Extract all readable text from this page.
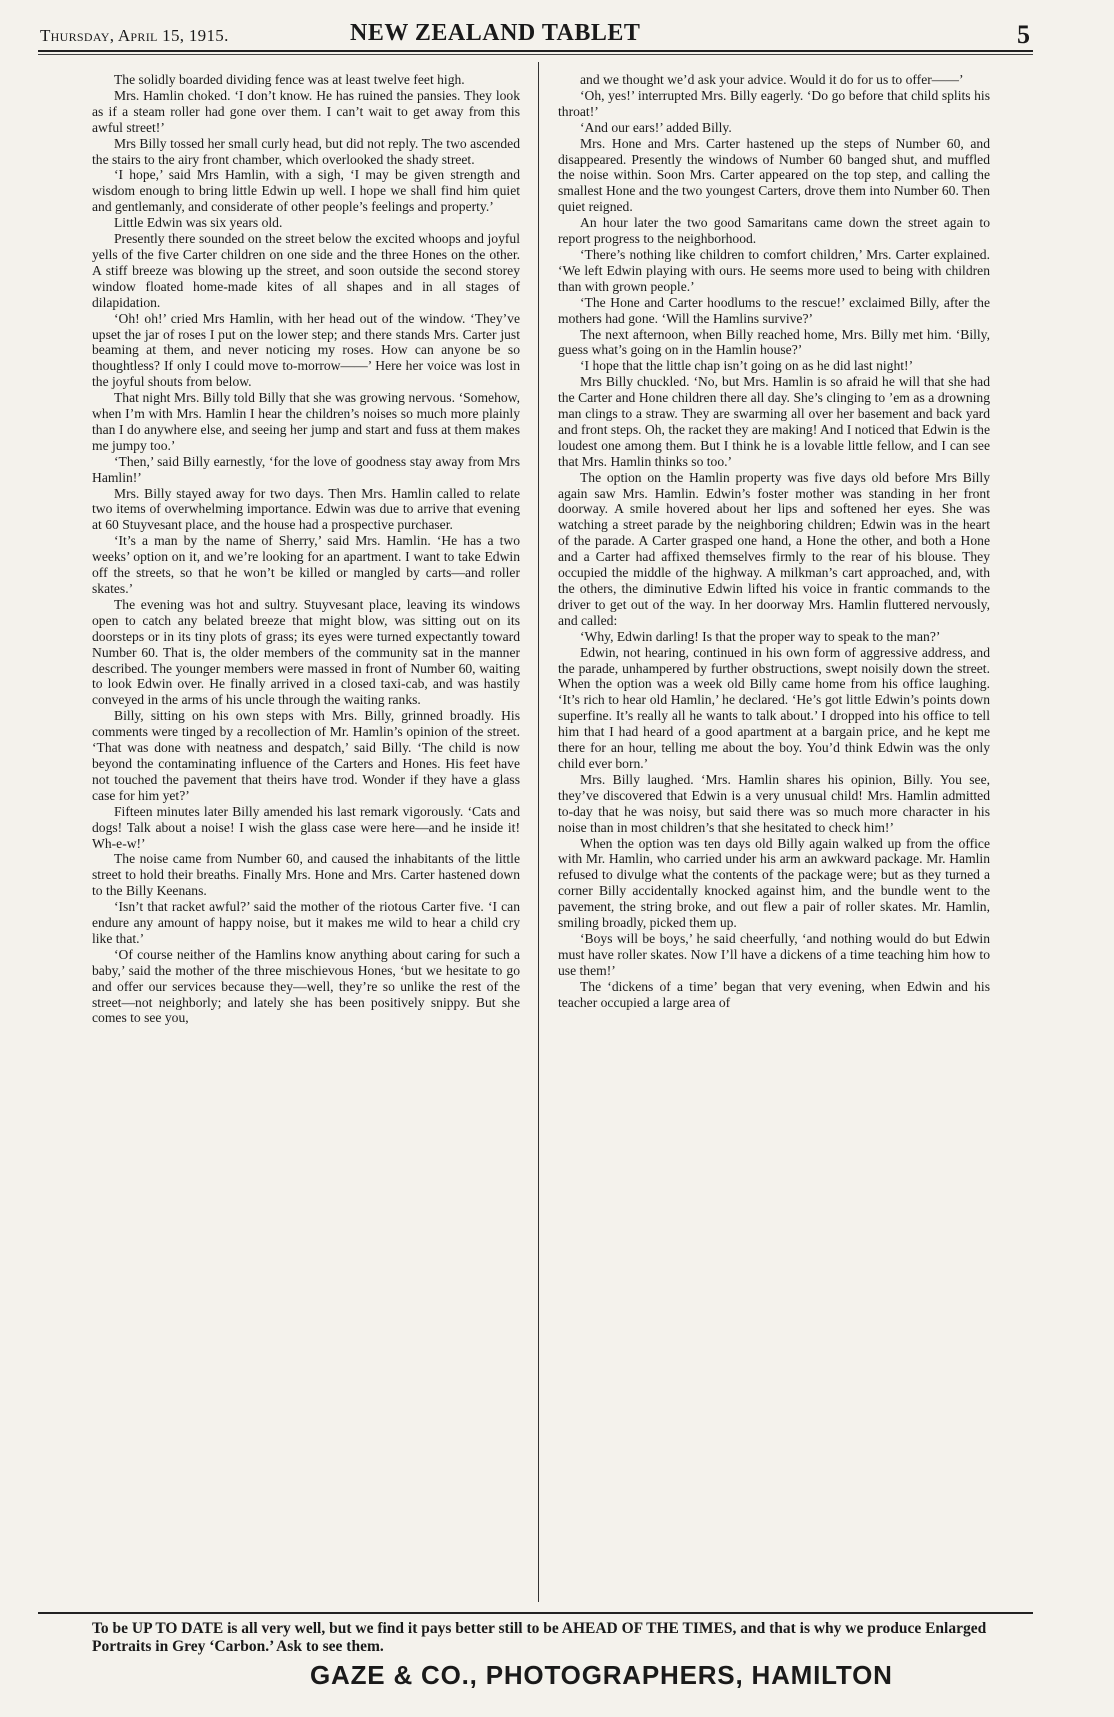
Thursday, April 15, 1915.	NEW ZEALAND TABLET	5

The solidly boarded dividing fence was at least twelve feet high.

Mrs. Hamlin choked. ‘I don’t know. He has ruined the pansies. They look as if a steam roller had gone over them. I can’t wait to get away from this awful street!’

Mrs Billy tossed her small curly head, but did not reply. The two ascended the stairs to the airy front chamber, which overlooked the shady street.

‘I hope,’ said Mrs Hamlin, with a sigh, ‘I may be given strength and wisdom enough to bring little Edwin up well. I hope we shall find him quiet and gentlemanly, and considerate of other people’s feelings and property.’

Little Edwin was six years old.

Presently there sounded on the street below the excited whoops and joyful yells of the five Carter children on one side and the three Hones on the other. A stiff breeze was blowing up the street, and soon outside the second storey window floated home-made kites of all shapes and in all stages of dilapidation.

‘Oh! oh!’ cried Mrs Hamlin, with her head out of the window. ‘They’ve upset the jar of roses I put on the lower step; and there stands Mrs. Carter just beaming at them, and never noticing my roses. How can anyone be so thoughtless? If only I could move to-morrow——’ Here her voice was lost in the joyful shouts from below.

That night Mrs. Billy told Billy that she was growing nervous. ‘Somehow, when I’m with Mrs. Hamlin I hear the children’s noises so much more plainly than I do anywhere else, and seeing her jump and start and fuss at them makes me jumpy too.’

‘Then,’ said Billy earnestly, ‘for the love of goodness stay away from Mrs Hamlin!’

Mrs. Billy stayed away for two days. Then Mrs. Hamlin called to relate two items of overwhelming importance. Edwin was due to arrive that evening at 60 Stuyvesant place, and the house had a prospective purchaser.

‘It’s a man by the name of Sherry,’ said Mrs. Hamlin. ‘He has a two weeks’ option on it, and we’re looking for an apartment. I want to take Edwin off the streets, so that he won’t be killed or mangled by carts—and roller skates.’

The evening was hot and sultry. Stuyvesant place, leaving its windows open to catch any belated breeze that might blow, was sitting out on its doorsteps or in its tiny plots of grass; its eyes were turned expectantly toward Number 60. That is, the older members of the community sat in the manner described. The younger members were massed in front of Number 60, waiting to look Edwin over. He finally arrived in a closed taxi-cab, and was hastily conveyed in the arms of his uncle through the waiting ranks.

Billy, sitting on his own steps with Mrs. Billy, grinned broadly. His comments were tinged by a recollection of Mr. Hamlin’s opinion of the street. ‘That was done with neatness and despatch,’ said Billy. ‘The child is now beyond the contaminating influence of the Carters and Hones. His feet have not touched the pavement that theirs have trod. Wonder if they have a glass case for him yet?’

Fifteen minutes later Billy amended his last remark vigorously. ‘Cats and dogs! Talk about a noise! I wish the glass case were here—and he inside it! Wh-e-w!’

The noise came from Number 60, and caused the inhabitants of the little street to hold their breaths. Finally Mrs. Hone and Mrs. Carter hastened down to the Billy Keenans.

‘Isn’t that racket awful?’ said the mother of the riotous Carter five. ‘I can endure any amount of happy noise, but it makes me wild to hear a child cry like that.’

‘Of course neither of the Hamlins know anything about caring for such a baby,’ said the mother of the three mischievous Hones, ‘but we hesitate to go and offer our services because they—well, they’re so unlike the rest of the street—not neighborly; and lately she has been positively snippy. But she comes to see you,

and we thought we’d ask your advice. Would it do for us to offer——’

‘Oh, yes!’ interrupted Mrs. Billy eagerly. ‘Do go before that child splits his throat!’

‘And our ears!’ added Billy.

Mrs. Hone and Mrs. Carter hastened up the steps of Number 60, and disappeared. Presently the windows of Number 60 banged shut, and muffled the noise within. Soon Mrs. Carter appeared on the top step, and calling the smallest Hone and the two youngest Carters, drove them into Number 60. Then quiet reigned.

An hour later the two good Samaritans came down the street again to report progress to the neighborhood.

‘There’s nothing like children to comfort children,’ Mrs. Carter explained. ‘We left Edwin playing with ours. He seems more used to being with children than with grown people.’

‘The Hone and Carter hoodlums to the rescue!’ exclaimed Billy, after the mothers had gone. ‘Will the Hamlins survive?’

The next afternoon, when Billy reached home, Mrs. Billy met him. ‘Billy, guess what’s going on in the Hamlin house?’

‘I hope that the little chap isn’t going on as he did last night!’

Mrs Billy chuckled. ‘No, but Mrs. Hamlin is so afraid he will that she had the Carter and Hone children there all day. She’s clinging to ’em as a drowning man clings to a straw. They are swarming all over her basement and back yard and front steps. Oh, the racket they are making! And I noticed that Edwin is the loudest one among them. But I think he is a lovable little fellow, and I can see that Mrs. Hamlin thinks so too.’

The option on the Hamlin property was five days old before Mrs Billy again saw Mrs. Hamlin. Edwin’s foster mother was standing in her front doorway. A smile hovered about her lips and softened her eyes. She was watching a street parade by the neighboring children; Edwin was in the heart of the parade. A Carter grasped one hand, a Hone the other, and both a Hone and a Carter had affixed themselves firmly to the rear of his blouse. They occupied the middle of the highway. A milkman’s cart approached, and, with the others, the diminutive Edwin lifted his voice in frantic commands to the driver to get out of the way. In her doorway Mrs. Hamlin fluttered nervously, and called:

‘Why, Edwin darling! Is that the proper way to speak to the man?’

Edwin, not hearing, continued in his own form of aggressive address, and the parade, unhampered by further obstructions, swept noisily down the street. When the option was a week old Billy came home from his office laughing. ‘It’s rich to hear old Hamlin,’ he declared. ‘He’s got little Edwin’s points down superfine. It’s really all he wants to talk about.’ I dropped into his office to tell him that I had heard of a good apartment at a bargain price, and he kept me there for an hour, telling me about the boy. You’d think Edwin was the only child ever born.’

Mrs. Billy laughed. ‘Mrs. Hamlin shares his opinion, Billy. You see, they’ve discovered that Edwin is a very unusual child! Mrs. Hamlin admitted to-day that he was noisy, but said there was so much more character in his noise than in most children’s that she hesitated to check him!’

When the option was ten days old Billy again walked up from the office with Mr. Hamlin, who carried under his arm an awkward package. Mr. Hamlin refused to divulge what the contents of the package were; but as they turned a corner Billy accidentally knocked against him, and the bundle went to the pavement, the string broke, and out flew a pair of roller skates. Mr. Hamlin, smiling broadly, picked them up.

‘Boys will be boys,’ he said cheerfully, ‘and nothing would do but Edwin must have roller skates. Now I’ll have a dickens of a time teaching him how to use them!’

The ‘dickens of a time’ began that very evening, when Edwin and his teacher occupied a large area of

To be UP TO DATE is all very well, but we find it pays better still to be AHEAD OF THE TIMES, and that is why we produce Enlarged Portraits in Grey ‘Carbon.’ Ask to see them.
GAZE & CO., PHOTOGRAPHERS, HAMILTON
